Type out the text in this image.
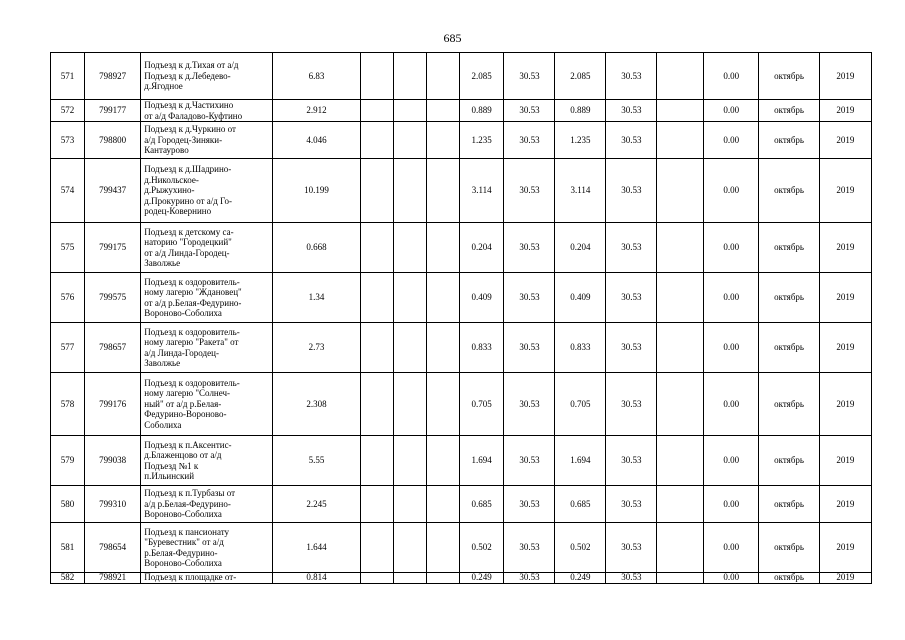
685
571	798927	Подъезд к д.Тихая от а/д
Подъезд к д.Лебедево-
д.Ягодное	6.83				2.085	30.53	2.085	30.53		0.00	октябрь	2019
572	799177	Подъезд к д.Частихино
от а/д Фаладово-Куфтино	2.912				0.889	30.53	0.889	30.53		0.00	октябрь	2019
573	798800	Подъезд к д.Чуркино от
а/д Городец-Зиняки-
Кантаурово	4.046				1.235	30.53	1.235	30.53		0.00	октябрь	2019
574	799437	Подъезд к д.Шадрино-
д.Никольское-
д.Рыжухино-
д.Прокурино от а/д Го-
родец-Ковернино	10.199				3.114	30.53	3.114	30.53		0.00	октябрь	2019
575	799175	Подъезд к детскому са-
наторию "Городецкий"
от а/д Линда-Городец-
Заволжье	0.668				0.204	30.53	0.204	30.53		0.00	октябрь	2019
576	799575	Подъезд к оздоровитель-
ному лагерю "Ждановец"
от а/д р.Белая-Федурино-
Вороново-Соболиха	1.34				0.409	30.53	0.409	30.53		0.00	октябрь	2019
577	798657	Подъезд к оздоровитель-
ному лагерю "Ракета" от
а/д Линда-Городец-
Заволжье	2.73				0.833	30.53	0.833	30.53		0.00	октябрь	2019
578	799176	Подъезд к оздоровитель-
ному лагерю "Солнеч-
ный" от а/д р.Белая-
Федурино-Вороново-
Соболиха	2.308				0.705	30.53	0.705	30.53		0.00	октябрь	2019
579	799038	Подъезд к п.Аксентис-
д.Блаженцово от а/д
Подъезд №1 к
п.Ильинский	5.55				1.694	30.53	1.694	30.53		0.00	октябрь	2019
580	799310	Подъезд к п.Турбазы от
а/д р.Белая-Федурино-
Вороново-Соболиха	2.245				0.685	30.53	0.685	30.53		0.00	октябрь	2019
581	798654	Подъезд к пансионату
"Буревестник" от а/д
р.Белая-Федурино-
Вороново-Соболиха	1.644				0.502	30.53	0.502	30.53		0.00	октябрь	2019
582	798921	Подъезд к площадке от-	0.814				0.249	30.53	0.249	30.53		0.00	октябрь	2019
